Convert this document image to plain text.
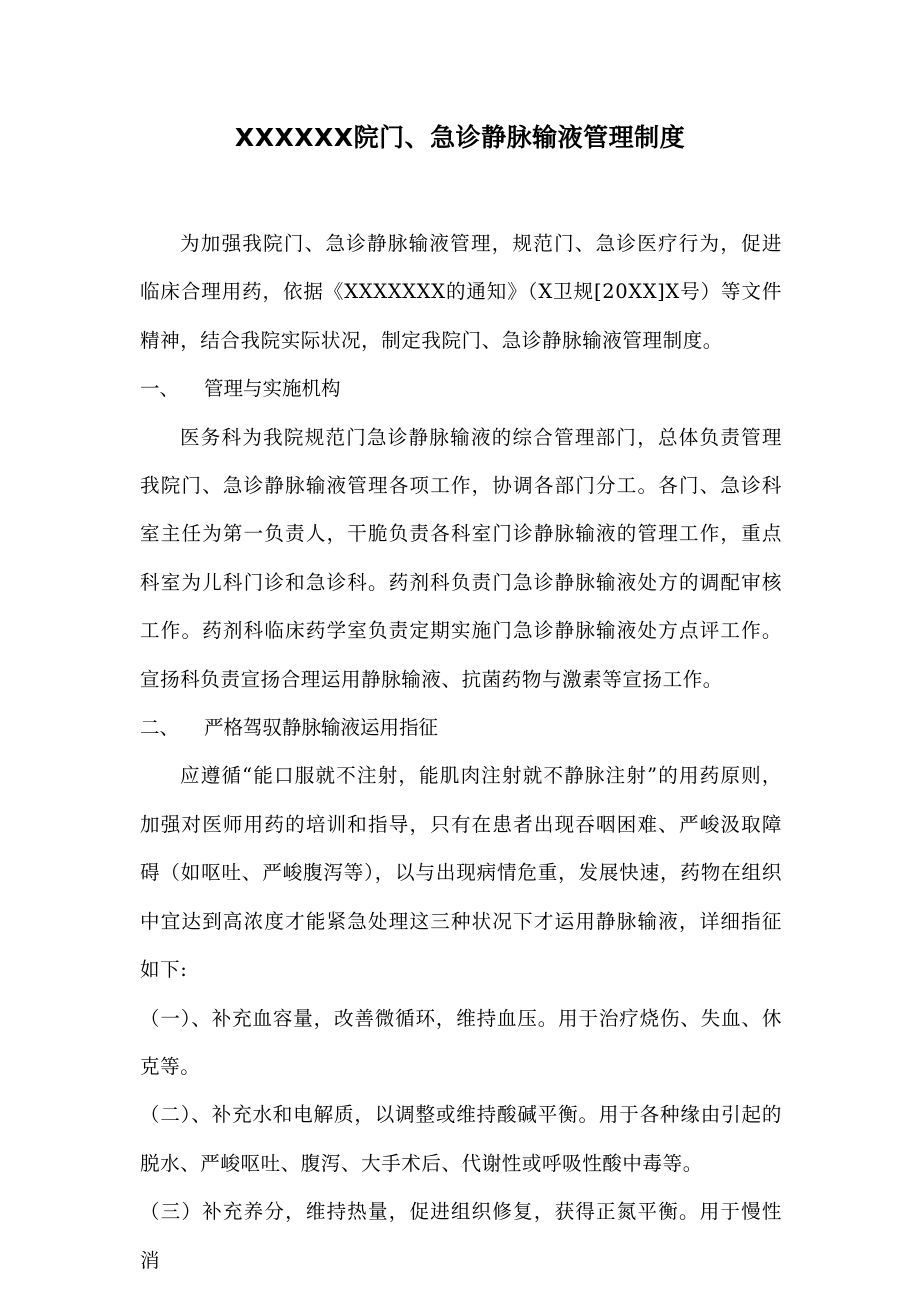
XXXXXX院门、急诊静脉输液管理制度

为加强我院门、急诊静脉输液管理，规范门、急诊医疗行为，促进临床合理用药，依据《XXXXXXX的通知》（X卫规[20XX]X号）等文件精神，结合我院实际状况，制定我院门、急诊静脉输液管理制度。

一、 管理与实施机构

医务科为我院规范门急诊静脉输液的综合管理部门，总体负责管理我院门、急诊静脉输液管理各项工作，协调各部门分工。各门、急诊科室主任为第一负责人，干脆负责各科室门诊静脉输液的管理工作，重点科室为儿科门诊和急诊科。药剂科负责门急诊静脉输液处方的调配审核工作。药剂科临床药学室负责定期实施门急诊静脉输液处方点评工作。宣扬科负责宣扬合理运用静脉输液、抗菌药物与激素等宣扬工作。

二、 严格驾驭静脉输液运用指征

应遵循“能口服就不注射，能肌肉注射就不静脉注射”的用药原则，加强对医师用药的培训和指导，只有在患者出现吞咽困难、严峻汲取障碍（如呕吐、严峻腹泻等），以与出现病情危重，发展快速，药物在组织中宜达到高浓度才能紧急处理这三种状况下才运用静脉输液，详细指征如下:

（一）、补充血容量，改善微循环，维持血压。用于治疗烧伤、失血、休克等。

（二）、补充水和电解质，以调整或维持酸碱平衡。用于各种缘由引起的脱水、严峻呕吐、腹泻、大手术后、代谢性或呼吸性酸中毒等。

（三）补充养分，维持热量，促进组织修复，获得正氮平衡。用于慢性消
